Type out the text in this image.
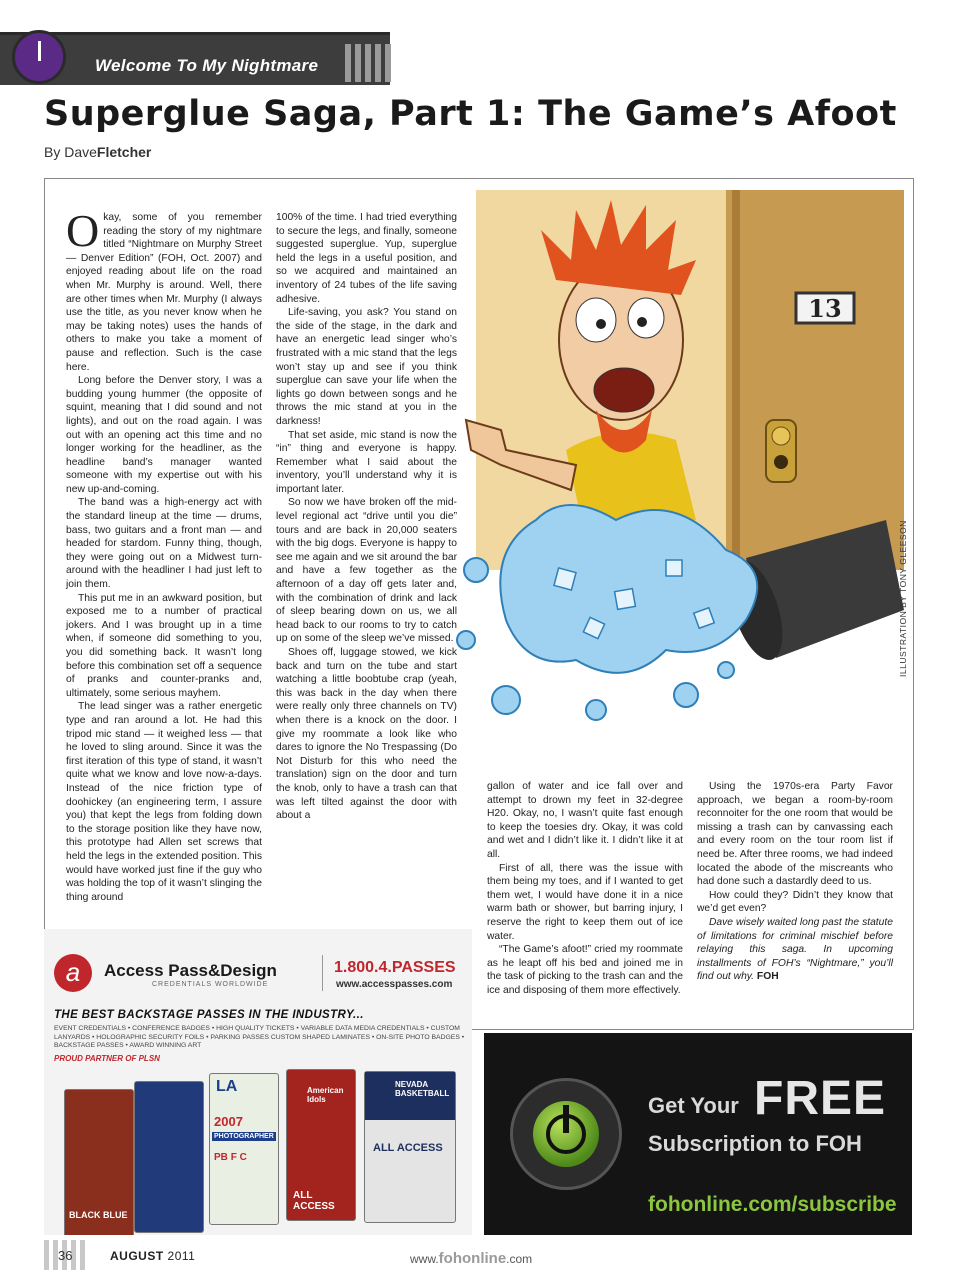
Welcome To My Nightmare
Superglue Saga, Part 1: The Game’s Afoot
By DaveFletcher

Okay, some of you remember reading the story of my nightmare titled “Nightmare on Murphy Street — Denver Edition” (FOH, Oct. 2007) and enjoyed reading about life on the road when Mr. Murphy is around. Well, there are other times when Mr. Murphy (I always use the title, as you never know when he may be taking notes) uses the hands of others to make you take a moment of pause and reflection. Such is the case here.

Long before the Denver story, I was a budding young hummer (the opposite of squint, meaning that I did sound and not lights), and out on the road again. I was out with an opening act this time and no longer working for the headliner, as the headline band’s manager wanted someone with my expertise out with his new up-and-coming.

The band was a high-energy act with the standard lineup at the time — drums, bass, two guitars and a front man — and headed for stardom. Funny thing, though, they were going out on a Midwest turn-around with the headliner I had just left to join them.

This put me in an awkward position, but exposed me to a number of practical jokers. And I was brought up in a time when, if someone did something to you, you did something back. It wasn’t long before this combination set off a sequence of pranks and counter-pranks and, ultimately, some serious mayhem.

The lead singer was a rather energetic type and ran around a lot. He had this tripod mic stand — it weighed less — that he loved to sling around. Since it was the first iteration of this type of stand, it wasn’t quite what we know and love now-a-days. Instead of the nice friction type of doohickey (an engineering term, I assure you) that kept the legs from folding down to the storage position like they have now, this prototype had Allen set screws that held the legs in the extended position. This would have worked just fine if the guy who was holding the top of it wasn’t slinging the thing around

100% of the time. I had tried everything to secure the legs, and finally, someone suggested superglue. Yup, superglue held the legs in a useful position, and so we acquired and maintained an inventory of 24 tubes of the life saving adhesive.

Life-saving, you ask? You stand on the side of the stage, in the dark and have an energetic lead singer who’s frustrated with a mic stand that the legs won’t stay up and see if you think superglue can save your life when the lights go down between songs and he throws the mic stand at you in the darkness!

That set aside, mic stand is now the “in” thing and everyone is happy. Remember what I said about the inventory, you’ll understand why it is important later.

So now we have broken off the mid-level regional act “drive until you die” tours and are back in 20,000 seaters with the big dogs. Everyone is happy to see me again and we sit around the bar and have a few together as the afternoon of a day off gets later and, with the combination of drink and lack of sleep bearing down on us, we all head back to our rooms to try to catch up on some of the sleep we’ve missed.

Shoes off, luggage stowed, we kick back and turn on the tube and start watching a little boobtube crap (yeah, this was back in the day when there were really only three channels on TV) when there is a knock on the door. I give my roommate a look like who dares to ignore the No Trespassing (Do Not Disturb for this who need the translation) sign on the door and turn the knob, only to have a trash can that was left tilted against the door with about a

13
ILLUSTRATION BY TONY GLEESON

gallon of water and ice fall over and attempt to drown my feet in 32-degree H20. Okay, no, I wasn’t quite fast enough to keep the toesies dry. Okay, it was cold and wet and I didn’t like it. I didn’t like it at all.

First of all, there was the issue with them being my toes, and if I wanted to get them wet, I would have done it in a nice warm bath or shower, but barring injury, I reserve the right to keep them out of ice water.

“The Game’s afoot!” cried my roommate as he leapt off his bed and joined me in the task of picking to the trash can and the ice and disposing of them more effectively.

Using the 1970s-era Party Favor approach, we began a room-by-room reconnoiter for the one room that would be missing a trash can by canvassing each and every room on the tour room list if need be. After three rooms, we had indeed located the abode of the miscreants who had done such a dastardly deed to us.

How could they? Didn’t they know that we’d get even?

Dave wisely waited long past the statute of limitations for criminal mischief before relaying this saga. In upcoming installments of FOH’s “Nightmare,” you’ll find out why. FOH

a	Access Pass&Design
CREDENTIALS WORLDWIDE
1.800.4.PASSES
www.accesspasses.com
THE BEST BACKSTAGE PASSES IN THE INDUSTRY...
EVENT CREDENTIALS • CONFERENCE BADGES • HIGH QUALITY TICKETS • VARIABLE DATA MEDIA CREDENTIALS • CUSTOM LANYARDS • HOLOGRAPHIC SECURITY FOILS • PARKING PASSES CUSTOM SHAPED LAMINATES • ON-SITE PHOTO BADGES • BACKSTAGE PASSES • AWARD WINNING ART
PROUD PARTNER OF PLSN
BLACK BLUE
LA
2007
PHOTOGRAPHER
PB F C
American Idols
ALL ACCESS
NEVADA BASKETBALL
ALL ACCESS
Get Your FREE
Subscription to FOH
fohonline.com/subscribe
36	AUGUST 2011	www.fohonline.com
